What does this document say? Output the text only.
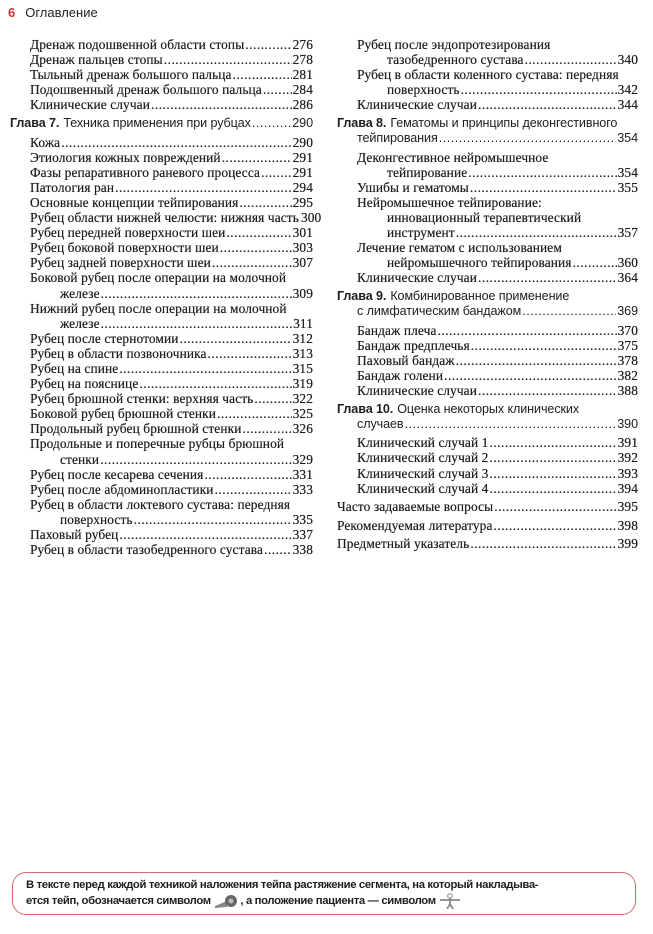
6 Оглавление
Дренаж подошвенной области стопы .....	276
Дренаж пальцев стопы .....	278
Тыльный дренаж большого пальца .....	281
Подошвенный дренаж большого пальца ..... 284
Клинические случаи .....	286
Глава 7. Техника применения при рубцах .....	290
Кожа .....	290
Этиология кожных повреждений .....	291
Фазы репаративного раневого процесса ..... 291
Патология ран .....	294
Основные концепции тейпирования .....	295
Рубец области нижней челюсти: нижняя часть 300
Рубец передней поверхности шеи .....	301
Рубец боковой поверхности шеи .....	303
Рубец задней поверхности шеи .....	307
Боковой рубец после операции на молочной
железе .....	309
Нижний рубец после операции на молочной
железе .....	311
Рубец после стернотомии .....	312
Рубец в области позвоночника .....	313
Рубец на спине .....	315
Рубец на пояснице .....	319
Рубец брюшной стенки: верхняя часть .....	322
Боковой рубец брюшной стенки .....	325
Продольный рубец брюшной стенки .....	326
Продольные и поперечные рубцы брюшной
стенки .....	329
Рубец после кесарева сечения .....	331
Рубец после абдоминопластики .....	333
Рубец в области локтевого сустава: передняя
поверхность .....	335
Паховый рубец .....	337
Рубец в области тазобедренного сустава ..... 338
Рубец после эндопротезирования
тазобедренного сустава .....	340
Рубец в области коленного сустава: передняя
поверхность .....	342
Клинические случаи .....	344
Глава 8. Гематомы и принципы деконгестивного
тейпирования .....	354
Деконгестивное нейромышечное
тейпирование .....	354
Ушибы и гематомы .....	355
Нейромышечное тейпирование:
инновационный терапевтический
инструмент .....	357
Лечение гематом с использованием
нейромышечного тейпирования .....	360
Клинические случаи .....	364
Глава 9. Комбинированное применение
с лимфатическим бандажом .....	369
Бандаж плеча .....	370
Бандаж предплечья .....	375
Паховый бандаж .....	378
Бандаж голени .....	382
Клинические случаи .....	388
Глава 10. Оценка некоторых клинических
случаев .....	390
Клинический случай 1 .....	391
Клинический случай 2 .....	392
Клинический случай 3 .....	393
Клинический случай 4 .....	394
Часто задаваемые вопросы .....	395
Рекомендуемая литература .....	398
Предметный указатель .....	399
В тексте перед каждой техникой наложения тейпа растяжение сегмента, на который накладыва-
ется тейп, обозначается символом	, а положение пациента — символом
